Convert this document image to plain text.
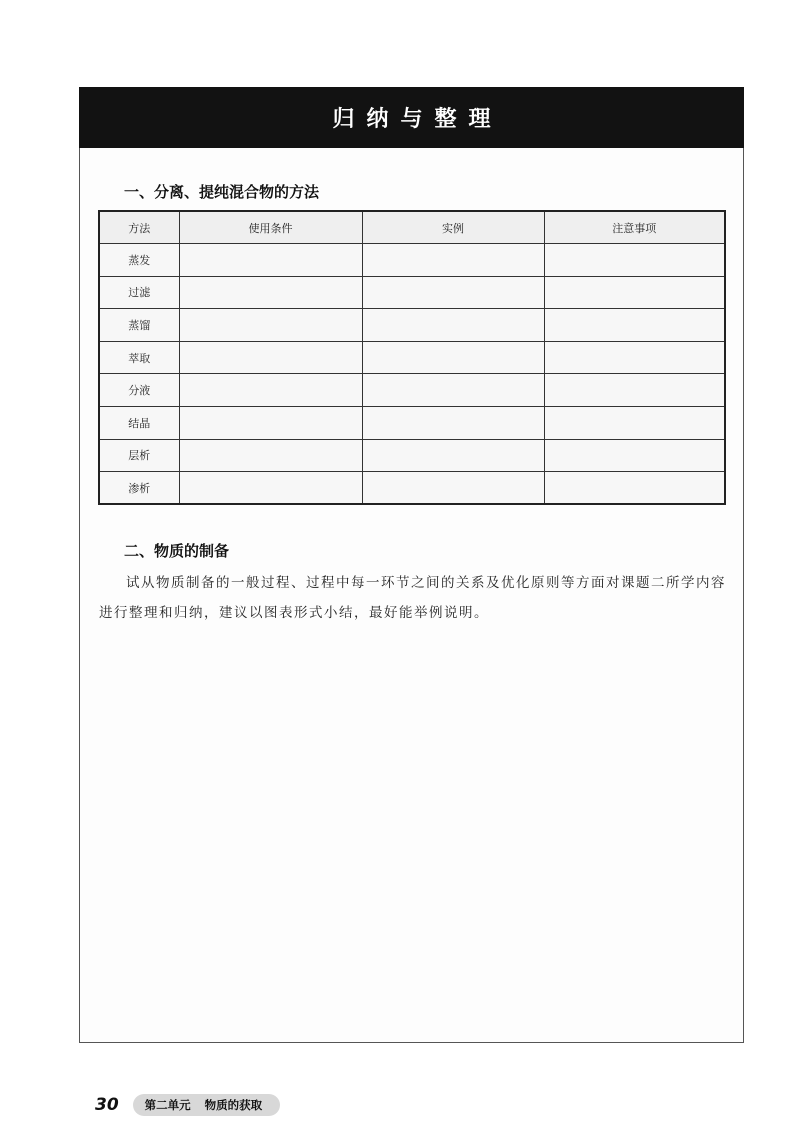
归纳与整理
一、分离、提纯混合物的方法
方法	使用条件	实例	注意事项
蒸发			
过滤			
蒸馏			
萃取			
分液			
结晶			
层析			
渗析			
二、物质的制备

试从物质制备的一般过程、过程中每一环节之间的关系及优化原则等方面对课题二所学内容进行整理和归纳，建议以图表形式小结，最好能举例说明。

30 第二单元 物质的获取
